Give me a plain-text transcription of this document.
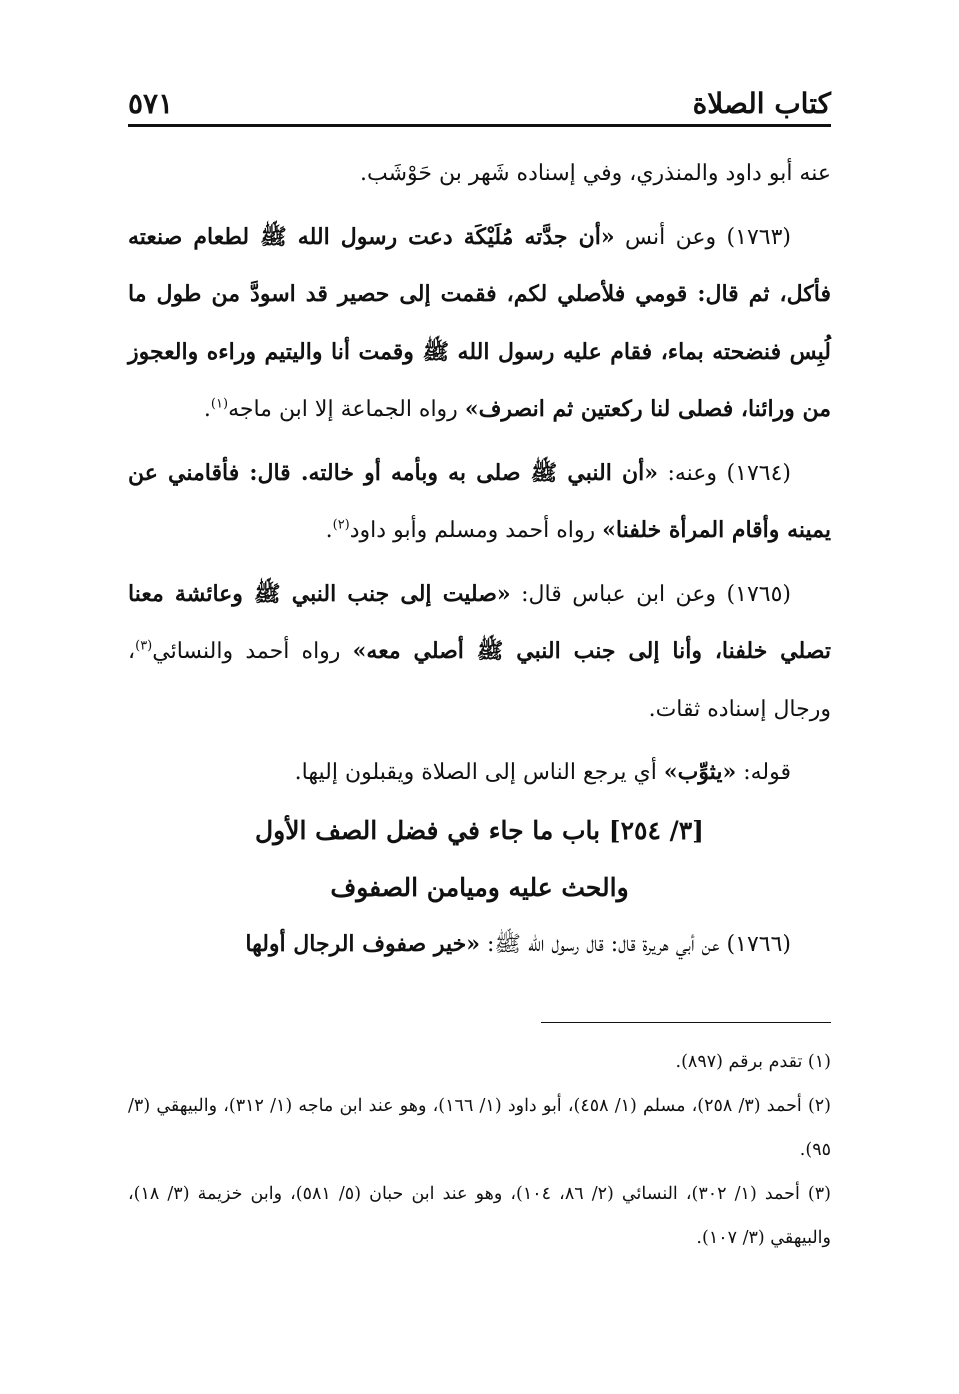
كتاب الصلاة
٥٧١

عنه أبو داود والمنذري، وفي إسناده شَهر بن حَوْشَب.

(١٧٦٣) وعن أنس «أن جدَّته مُلَيْكَة دعت رسول الله ﷺ لطعام صنعته فأكل، ثم قال: قومي فلأصلي لكم، فقمت إلى حصير قد اسودَّ من طول ما لُبِس فنضحته بماء، فقام عليه رسول الله ﷺ وقمت أنا واليتيم وراءه والعجوز من ورائنا، فصلى لنا ركعتين ثم انصرف» رواه الجماعة إلا ابن ماجه$^{(١)}$.

(١٧٦٤) وعنه: «أن النبي ﷺ صلى به وبأمه أو خالته. قال: فأقامني عن يمينه وأقام المرأة خلفنا» رواه أحمد ومسلم وأبو داود$^{(٢)}$.

(١٧٦٥) وعن ابن عباس قال: «صليت إلى جنب النبي ﷺ وعائشة معنا تصلي خلفنا، وأنا إلى جنب النبي ﷺ أصلي معه» رواه أحمد والنسائي$^{(٣)}$، ورجال إسناده ثقات.

قوله: «يثوِّب» أي يرجع الناس إلى الصلاة ويقبلون إليها.

[٣/ ٢٥٤] باب ما جاء في فضل الصف الأول

والحث عليه وميامن الصفوف

(١٧٦٦) عن أبي هريرة قال: قال رسول الله ﷺ: «خير صفوف الرجال أولها

(١) تقدم برقم (٨٩٧).

(٢) أحمد (٣/ ٢٥٨)، مسلم (١/ ٤٥٨)، أبو داود (١/ ١٦٦)، وهو عند ابن ماجه (١/ ٣١٢)، والبيهقي (٣/ ٩٥).

(٣) أحمد (١/ ٣٠٢)، النسائي (٢/ ٨٦، ١٠٤)، وهو عند ابن حبان (٥/ ٥٨١)، وابن خزيمة (٣/ ١٨)، والبيهقي (٣/ ١٠٧).
